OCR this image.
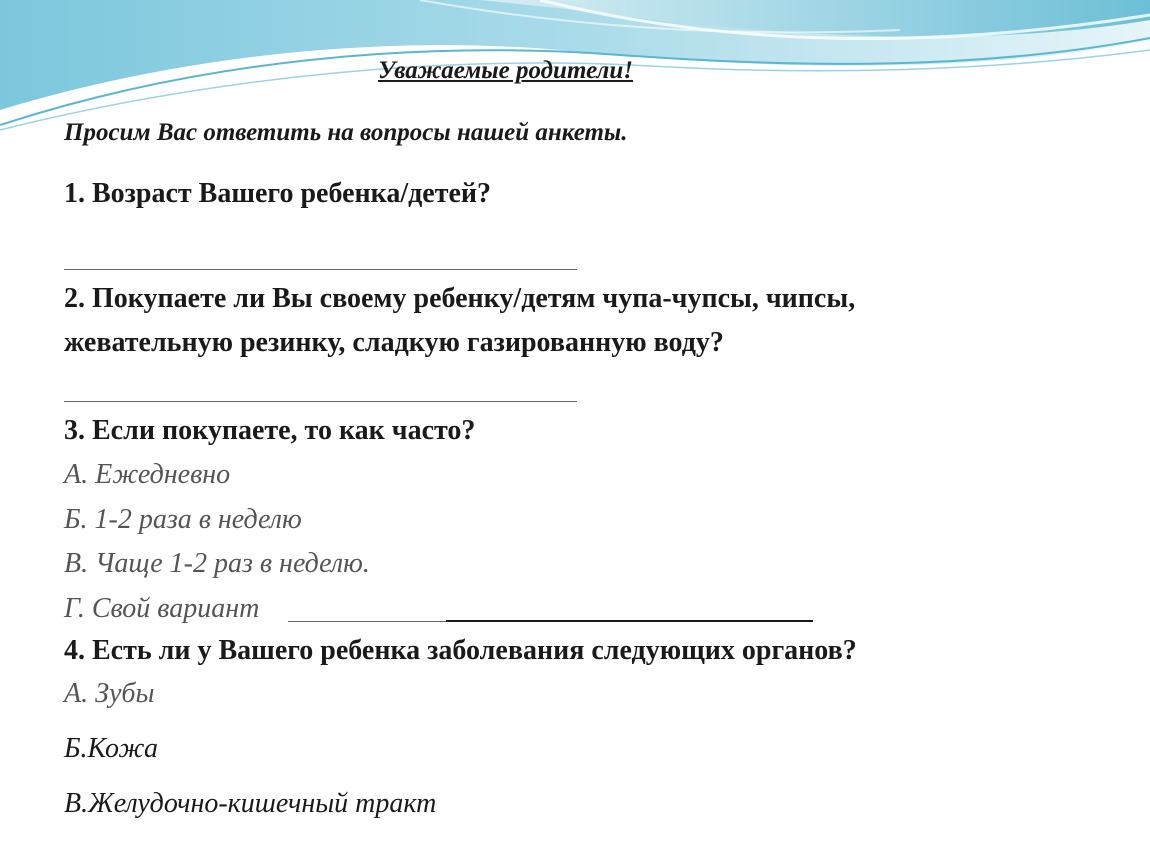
Уважаемые родители!
Просим Вас ответить на вопросы нашей анкеты.
1. Возраст Вашего ребенка/детей?
2. Покупаете ли Вы своему ребенку/детям чупа-чупсы, чипсы,
жевательную резинку, сладкую газированную воду?
3. Если покупаете, то как часто?
А. Ежедневно
Б. 1-2 раза в неделю
В. Чаще 1-2 раз в неделю.
Г. Свой вариант
4. Есть ли у Вашего ребенка заболевания следующих органов?
А. Зубы
Б.Кожа
В.Желудочно-кишечный тракт
